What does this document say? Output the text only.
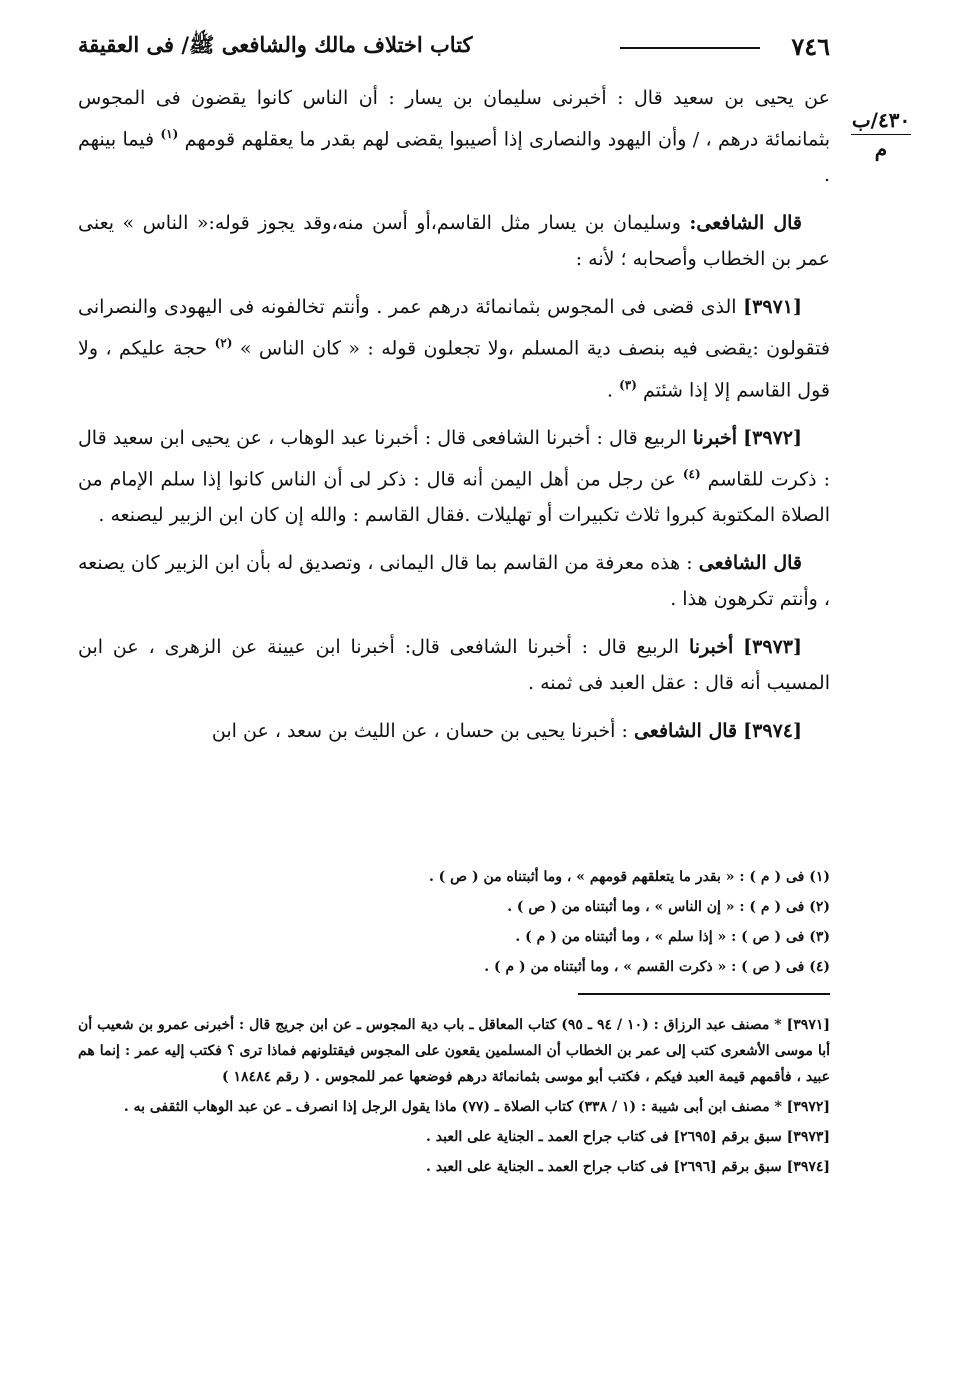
٧٤٦
كتاب اختلاف مالك والشافعى ﷺ/ فى العقيقة
٤٣٠/ب
م

عن يحيى بن سعيد قال : أخبرنى سليمان بن يسار : أن الناس كانوا يقضون فى المجوس بثمانمائة درهم ، / وأن اليهود والنصارى إذا أصيبوا يقضى لهم بقدر ما يعقلهم قومهم $^{(١)}$ فيما بينهم .

قال الشافعى: وسليمان بن يسار مثل القاسم،أو أسن منه،وقد يجوز قوله:« الناس » يعنى عمر بن الخطاب وأصحابه ؛ لأنه :

[٣٩٧١] الذى قضى فى المجوس بثمانمائة درهم عمر . وأنتم تخالفونه فى اليهودى والنصرانى فتقولون :يقضى فيه بنصف دية المسلم ،ولا تجعلون قوله : « كان الناس » $^{(٢)}$ حجة عليكم ، ولا قول القاسم إلا إذا شئتم $^{(٣)}$ .

[٣٩٧٢] أخبرنا الربيع قال : أخبرنا الشافعى قال : أخبرنا عبد الوهاب ، عن يحيى ابن سعيد قال : ذكرت للقاسم $^{(٤)}$ عن رجل من أهل اليمن أنه قال : ذكر لى أن الناس كانوا إذا سلم الإمام من الصلاة المكتوبة كبروا ثلاث تكبيرات أو تهليلات .فقال القاسم : والله إن كان ابن الزبير ليصنعه .

قال الشافعى : هذه معرفة من القاسم بما قال اليمانى ، وتصديق له بأن ابن الزبير كان يصنعه ، وأنتم تكرهون هذا .

[٣٩٧٣] أخبرنا الربيع قال : أخبرنا الشافعى قال: أخبرنا ابن عيينة عن الزهرى ، عن ابن المسيب أنه قال : عقل العبد فى ثمنه .

[٣٩٧٤] قال الشافعى : أخبرنا يحيى بن حسان ، عن الليث بن سعد ، عن ابن

(١) فى ( م ) : « بقدر ما يتعلقهم قومهم » ، وما أثبتناه من ( ص ) .
(٢) فى ( م ) : « إن الناس » ، وما أثبتناه من ( ص ) .
(٣) فى ( ص ) : « إذا سلم » ، وما أثبتناه من ( م ) .
(٤) فى ( ص ) : « ذكرت القسم » ، وما أثبتناه من ( م ) .
[٣٩٧١] * مصنف عبد الرزاق : (١٠ / ٩٤ ـ ٩٥) كتاب المعاقل ـ باب دية المجوس ـ عن ابن جريج قال : أخبرنى عمرو بن شعيب أن أبا موسى الأشعرى كتب إلى عمر بن الخطاب أن المسلمين يقعون على المجوس فيقتلونهم فماذا ترى ؟ فكتب إليه عمر : إنما هم عبيد ، فأقمهم قيمة العبد فيكم ، فكتب أبو موسى بثمانمائة درهم فوضعها عمر للمجوس . ( رقم ١٨٤٨٤ )
[٣٩٧٢] * مصنف ابن أبى شيبة : (١ / ٣٣٨) كتاب الصلاة ـ (٧٧) ماذا يقول الرجل إذا انصرف ـ عن عبد الوهاب الثقفى به .
[٣٩٧٣] سبق برقم [٢٦٩٥] فى كتاب جراح العمد ـ الجناية على العبد .
[٣٩٧٤] سبق برقم [٢٦٩٦] فى كتاب جراح العمد ـ الجناية على العبد .
